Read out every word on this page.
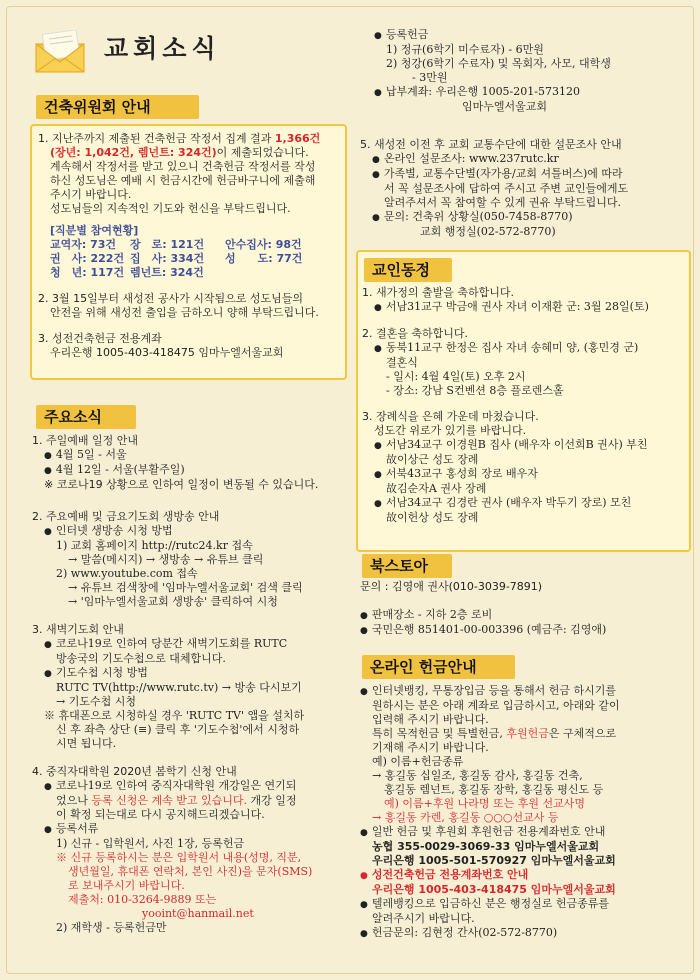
교회소식
건축위원회 안내
1. 지난주까지 제출된 건축헌금 작정서 집계 결과 1,366건
(장년: 1,042건, 렘넌트: 324건)이 제출되었습니다.
계속해서 작정서를 받고 있으니 건축헌금 작정서를 작성
하신 성도님은 예배 시 헌금시간에 헌금바구니에 제출해
주시기 바랍니다.
성도님들의 지속적인 기도와 헌신을 부탁드립니다.
[직분별 참여현황]
교역자: 73건	장　로: 121건	안수집사: 98건
권　사: 222건 집　사: 334건	성　　도: 77건
청　년: 117건 렘넌트: 324건
2. 3월 15일부터 새성전 공사가 시작됨으로 성도님들의
안전을 위해 새성전 출입을 금하오니 양해 부탁드립니다.
3. 성전건축헌금 전용계좌
우리은행 1005-403-418475 임마누엘서울교회
주요소식
1. 주일예배 일정 안내
● 4월 5일 - 서울
● 4월 12일 - 서울(부활주일)
※ 코로나19 상황으로 인하여 일정이 변동될 수 있습니다.
2. 주요예배 및 금요기도회 생방송 안내
● 인터넷 생방송 시청 방법
1) 교회 홈페이지 http://rutc24.kr 접속
→ 말씀(메시지) → 생방송 → 유튜브 클릭
2) www.youtube.com 접속
→ 유튜브 검색창에 '임마누엘서울교회' 검색 클릭
→ '임마누엘서울교회 생방송' 클릭하여 시청
3. 새벽기도회 안내
● 코로나19로 인하여 당분간 새벽기도회를 RUTC
방송국의 기도수첩으로 대체합니다.
● 기도수첩 시청 방법
RUTC TV(http://www.rutc.tv) → 방송 다시보기
→ 기도수첩 시청
※ 휴대폰으로 시청하실 경우 'RUTC TV' 앱을 설치하
신 후 좌측 상단 (≡) 클릭 후 '기도수첩'에서 시청하
시면 됩니다.
4. 중직자대학원 2020년 봄학기 신청 안내
● 코로나19로 인하여 중직자대학원 개강일은 연기되
었으나 등록 신청은 계속 받고 있습니다. 개강 일정
이 확정 되는대로 다시 공지해드리겠습니다.
● 등록서류
1) 신규 - 입학원서, 사진 1장, 등록헌금
※ 신규 등록하시는 분은 입학원서 내용(성명, 직분,
생년월일, 휴대폰 연락처, 본인 사진)을 문자(SMS)
로 보내주시기 바랍니다.
제출처: 010-3264-9889 또는
yooint@hanmail.net
2) 재학생 - 등록헌금만
● 등록헌금
1) 정규(6학기 미수료자) - 6만원
2) 청강(6학기 수료자) 및 목회자, 사모, 대학생
- 3만원
● 납부계좌: 우리은행 1005-201-573120
임마누엘서울교회
5. 새성전 이전 후 교회 교통수단에 대한 설문조사 안내
● 온라인 설문조사: www.237rutc.kr
● 가족별, 교통수단별(자가용/교회 셔틀버스)에 따라
서 꼭 설문조사에 답하여 주시고 주변 교인들에게도
알려주셔서 꼭 참여할 수 있게 권유 부탁드립니다.
● 문의: 건축위 상황실(050-7458-8770)
교회 행정실(02-572-8770)
교인동정
1. 새가정의 출발을 축하합니다.
● 서남31교구 박금애 권사 자녀 이재환 군: 3월 28일(토)
2. 결혼을 축하합니다.
● 동북11교구 한정은 집사 자녀 송혜미 양, (홍민경 군)
결혼식
- 일시: 4월 4일(토) 오후 2시
- 장소: 강남 S컨벤션 8층 플로렌스홀
3. 장례식을 은혜 가운데 마쳤습니다.
성도간 위로가 있기를 바랍니다.
● 서남34교구 이경원B 집사 (배우자 이선희B 권사) 부친
故이상근 성도 장례
● 서북43교구 홍성희 장로 배우자
故김순자A 권사 장례
● 서남34교구 김경란 권사 (배우자 박두기 장로) 모친
故이헌상 성도 장례
북스토아
문의 : 김영애 권사(010-3039-7891)
● 판매장소 - 지하 2층 로비
● 국민은행 851401-00-003396 (예금주: 김영애)
온라인 헌금안내
● 인터넷뱅킹, 무통장입금 등을 통해서 헌금 하시기를
원하시는 분은 아래 계좌로 입금하시고, 아래와 같이
입력해 주시기 바랍니다.
특히 목적헌금 및 특별헌금, 후원헌금은 구체적으로
기재해 주시기 바랍니다.
예) 이름+헌금종류
→ 홍길동 십일조, 홍길동 감사, 홍길동 건축,
홍길동 렘넌트, 홍길동 장학, 홍길동 평신도 등
예) 이름+후원 나라명 또는 후원 선교사명
→ 홍길동 카렌, 홍길동 ○○○선교사 등
● 일반 헌금 및 후원회 후원헌금 전용계좌번호 안내
농협 355-0029-3069-33 임마누엘서울교회
우리은행 1005-501-570927 임마누엘서울교회
● 성전건축헌금 전용계좌번호 안내
우리은행 1005-403-418475 임마누엘서울교회
● 텔레뱅킹으로 입금하신 분은 행정실로 헌금종류를
알려주시기 바랍니다.
● 헌금문의: 김현정 간사(02-572-8770)
